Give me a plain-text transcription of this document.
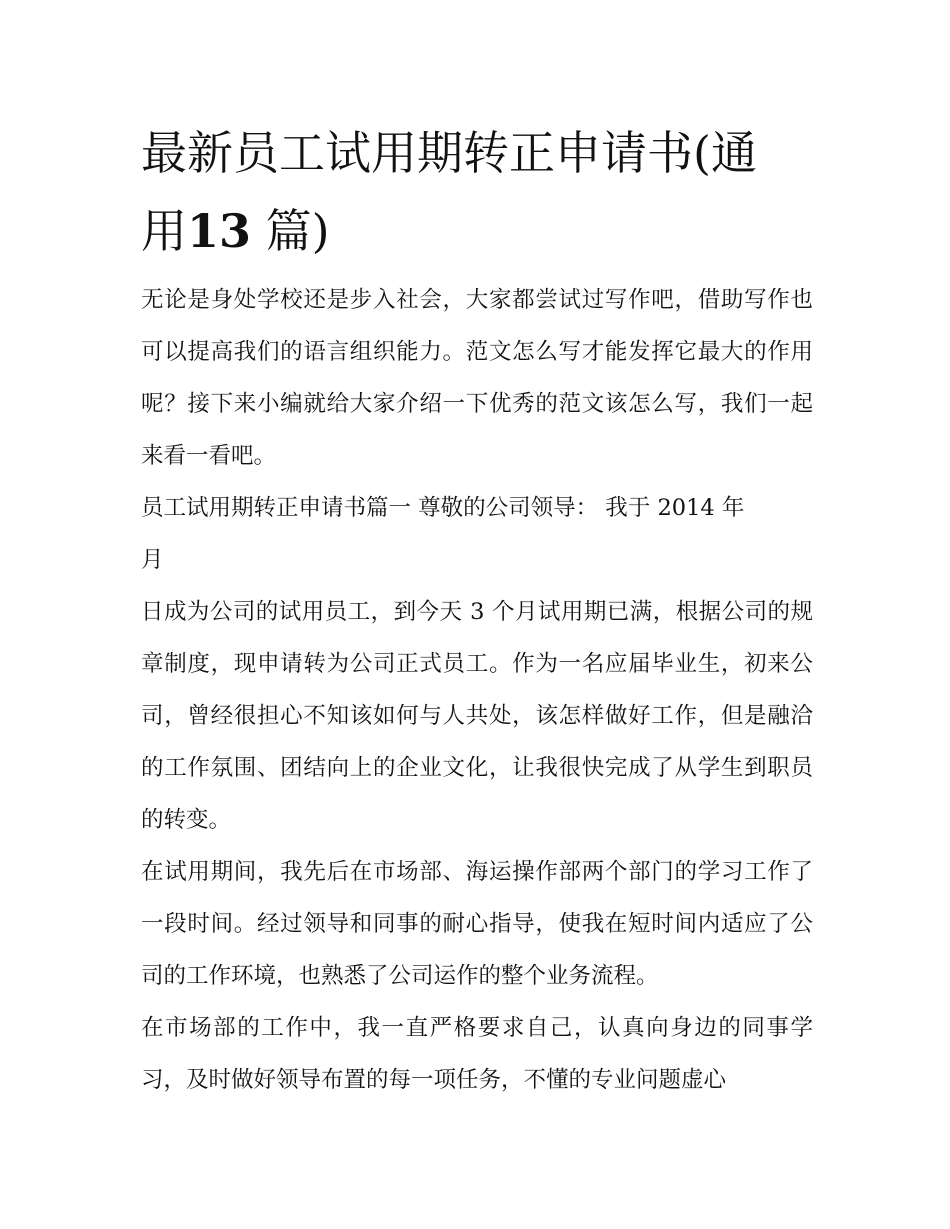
最新员工试用期转正申请书(通
用13 篇)

无论是身处学校还是步入社会，大家都尝试过写作吧，借助写作也可以提高我们的语言组织能力。范文怎么写才能发挥它最大的作用呢？接下来小编就给大家介绍一下优秀的范文该怎么写，我们一起来看一看吧。

员工试用期转正申请书篇一 尊敬的公司领导： 我于 2014 年

月

日成为公司的试用员工，到今天 3 个月试用期已满，根据公司的规章制度，现申请转为公司正式员工。作为一名应届毕业生，初来公司，曾经很担心不知该如何与人共处，该怎样做好工作，但是融洽的工作氛围、团结向上的企业文化，让我很快完成了从学生到职员的转变。

在试用期间，我先后在市场部、海运操作部两个部门的学习工作了一段时间。经过领导和同事的耐心指导，使我在短时间内适应了公司的工作环境，也熟悉了公司运作的整个业务流程。

在市场部的工作中，我一直严格要求自己，认真向身边的同事学习，及时做好领导布置的每一项任务，不懂的专业问题虚心
